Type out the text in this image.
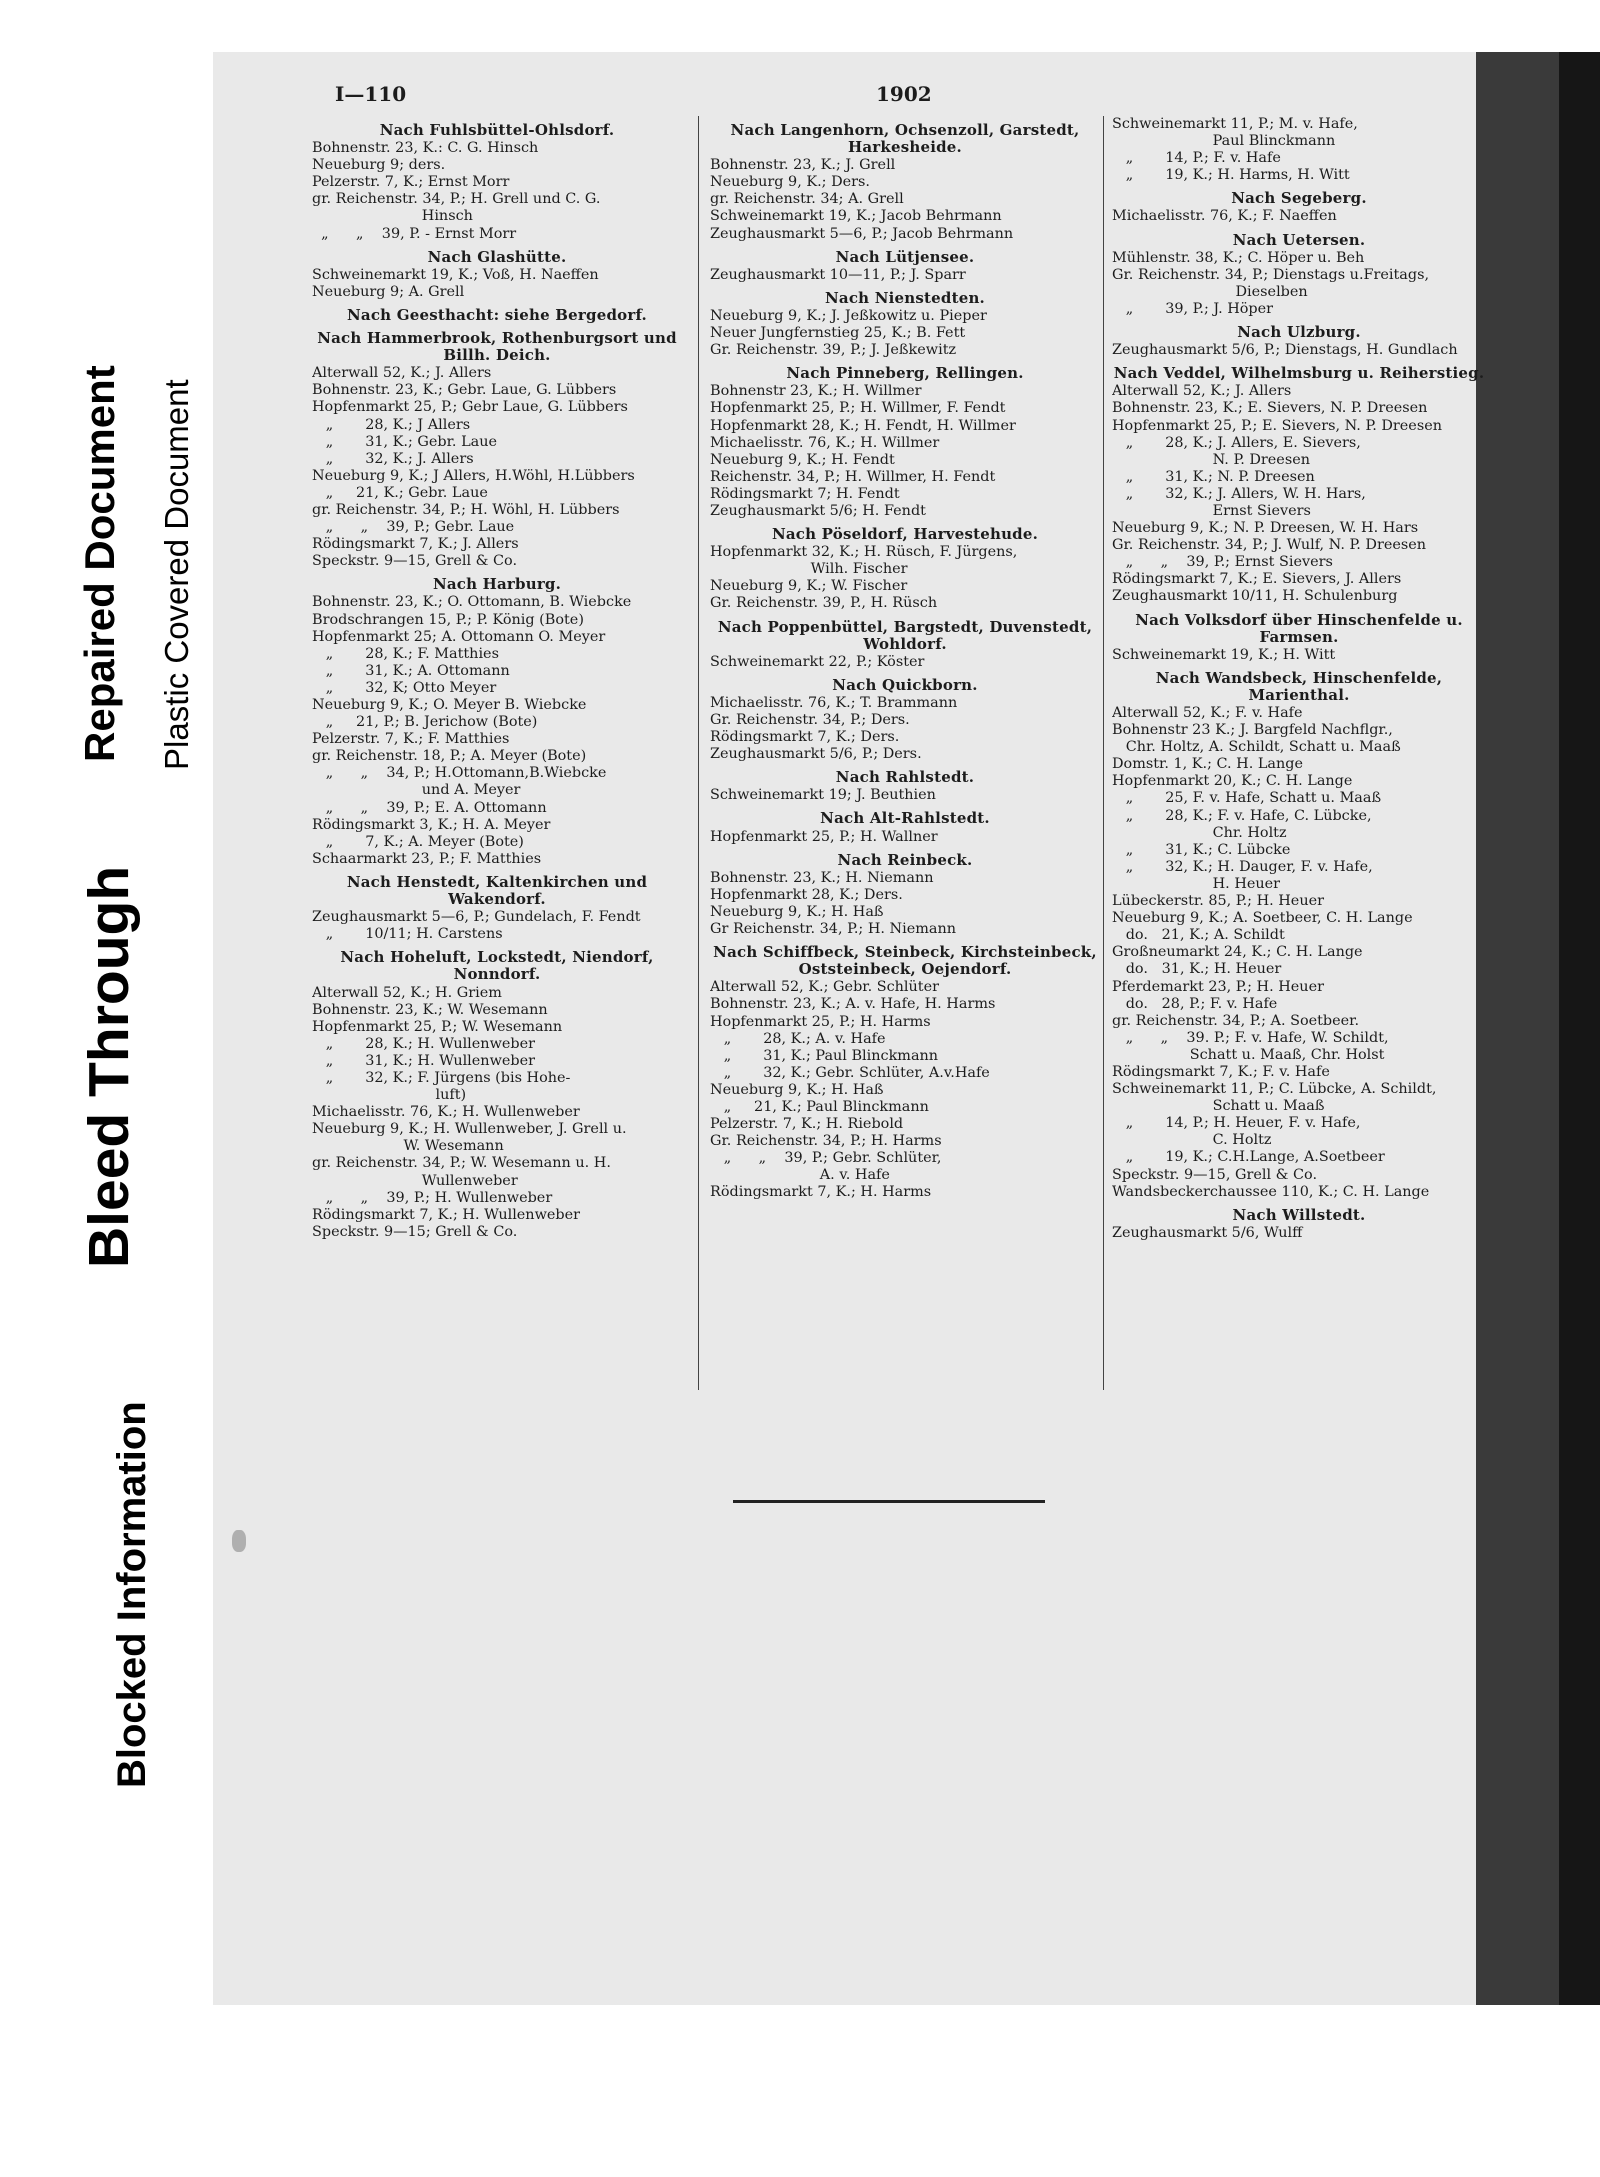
Blocked Information
Bleed Through
Repaired Document Plastic Covered Document
I—110	1902
Nach Fuhlsbüttel-Ohlsdorf.
Bohnenstr. 23, K.: C. G. Hinsch
Neueburg 9; ders.
Pelzerstr. 7, K.; Ernst Morr
gr. Reichenstr. 34, P.; H. Grell und C. G.
Hinsch
„      „    39, P. - Ernst Morr
Nach Glashütte.
Schweinemarkt 19, K.; Voß, H. Naeffen
Neueburg 9; A. Grell
Nach Geesthacht: siehe Bergedorf.
Nach Hammerbrook, Rothenburgsort und Billh. Deich.
Alterwall 52, K.; J. Allers
Bohnenstr. 23, K.; Gebr. Laue, G. Lübbers
Hopfenmarkt 25, P.; Gebr Laue, G. Lübbers
„       28, K.; J Allers
„       31, K.; Gebr. Laue
„       32, K.; J. Allers
Neueburg 9, K.; J Allers, H.Wöhl, H.Lübbers
„     21, K.; Gebr. Laue
gr. Reichenstr. 34, P.; H. Wöhl, H. Lübbers
„      „    39, P.; Gebr. Laue
Rödingsmarkt 7, K.; J. Allers
Speckstr. 9—15, Grell & Co.
Nach Harburg.
Bohnenstr. 23, K.; O. Ottomann, B. Wiebcke
Brodschrangen 15, P.; P. König (Bote)
Hopfenmarkt 25; A. Ottomann O. Meyer
„       28, K.; F. Matthies
„       31, K.; A. Ottomann
„       32, K; Otto Meyer
Neueburg 9, K.; O. Meyer B. Wiebcke
„     21, P.; B. Jerichow (Bote)
Pelzerstr. 7, K.; F. Matthies
gr. Reichenstr. 18, P.; A. Meyer (Bote)
„      „    34, P.; H.Ottomann,B.Wiebcke
und A. Meyer
„      „    39, P.; E. A. Ottomann
Rödingsmarkt 3, K.; H. A. Meyer
„       7, K.; A. Meyer (Bote)
Schaarmarkt 23, P.; F. Matthies
Nach Henstedt, Kaltenkirchen und Wakendorf.
Zeughausmarkt 5—6, P.; Gundelach, F. Fendt
„       10/11; H. Carstens
Nach Hoheluft, Lockstedt, Niendorf, Nonndorf.
Alterwall 52, K.; H. Griem
Bohnenstr. 23, K.; W. Wesemann
Hopfenmarkt 25, P.; W. Wesemann
„       28, K.; H. Wullenweber
„       31, K.; H. Wullenweber
„       32, K.; F. Jürgens (bis Hohe-
luft)
Michaelisstr. 76, K.; H. Wullenweber
Neueburg 9, K.; H. Wullenweber, J. Grell u.
W. Wesemann
gr. Reichenstr. 34, P.; W. Wesemann u. H.
Wullenweber
„      „    39, P.; H. Wullenweber
Rödingsmarkt 7, K.; H. Wullenweber
Speckstr. 9—15; Grell & Co.
Nach Langenhorn, Ochsenzoll, Garstedt, Harkesheide.
Bohnenstr. 23, K.; J. Grell
Neueburg 9, K.; Ders.
gr. Reichenstr. 34; A. Grell
Schweinemarkt 19, K.; Jacob Behrmann
Zeughausmarkt 5—6, P.; Jacob Behrmann
Nach Lütjensee.
Zeughausmarkt 10—11, P.; J. Sparr
Nach Nienstedten.
Neueburg 9, K.; J. Jeßkowitz u. Pieper
Neuer Jungfernstieg 25, K.; B. Fett
Gr. Reichenstr. 39, P.; J. Jeßkewitz
Nach Pinneberg, Rellingen.
Bohnenstr 23, K.; H. Willmer
Hopfenmarkt 25, P.; H. Willmer, F. Fendt
Hopfenmarkt 28, K.; H. Fendt, H. Willmer
Michaelisstr. 76, K.; H. Willmer
Neueburg 9, K.; H. Fendt
Reichenstr. 34, P.; H. Willmer, H. Fendt
Rödingsmarkt 7; H. Fendt
Zeughausmarkt 5/6; H. Fendt
Nach Pöseldorf, Harvestehude.
Hopfenmarkt 32, K.; H. Rüsch, F. Jürgens,
Wilh. Fischer
Neueburg 9, K.; W. Fischer
Gr. Reichenstr. 39, P., H. Rüsch
Nach Poppenbüttel, Bargstedt, Duvenstedt, Wohldorf.
Schweinemarkt 22, P.; Köster
Nach Quickborn.
Michaelisstr. 76, K.; T. Brammann
Gr. Reichenstr. 34, P.; Ders.
Rödingsmarkt 7, K.; Ders.
Zeughausmarkt 5/6, P.; Ders.
Nach Rahlstedt.
Schweinemarkt 19; J. Beuthien
Nach Alt-Rahlstedt.
Hopfenmarkt 25, P.; H. Wallner
Nach Reinbeck.
Bohnenstr. 23, K.; H. Niemann
Hopfenmarkt 28, K.; Ders.
Neueburg 9, K.; H. Haß
Gr Reichenstr. 34, P.; H. Niemann
Nach Schiffbeck, Steinbeck, Kirchsteinbeck, Oststeinbeck, Oejendorf.
Alterwall 52, K.; Gebr. Schlüter
Bohnenstr. 23, K.; A. v. Hafe, H. Harms
Hopfenmarkt 25, P.; H. Harms
„       28, K.; A. v. Hafe
„       31, K.; Paul Blinckmann
„       32, K.; Gebr. Schlüter, A.v.Hafe
Neueburg 9, K.; H. Haß
„     21, K.; Paul Blinckmann
Pelzerstr. 7, K.; H. Riebold
Gr. Reichenstr. 34, P.; H. Harms
„      „    39, P.; Gebr. Schlüter,
A. v. Hafe
Rödingsmarkt 7, K.; H. Harms
Schweinemarkt 11, P.; M. v. Hafe,
Paul Blinckmann
„       14, P.; F. v. Hafe
„       19, K.; H. Harms, H. Witt
Nach Segeberg.
Michaelisstr. 76, K.; F. Naeffen
Nach Uetersen.
Mühlenstr. 38, K.; C. Höper u. Beh
Gr. Reichenstr. 34, P.; Dienstags u.Freitags,
Dieselben
„       39, P.; J. Höper
Nach Ulzburg.
Zeughausmarkt 5/6, P.; Dienstags, H. Gundlach
Nach Veddel, Wilhelmsburg u. Reiherstieg.
Alterwall 52, K.; J. Allers
Bohnenstr. 23, K.; E. Sievers, N. P. Dreesen
Hopfenmarkt 25, P.; E. Sievers, N. P. Dreesen
„       28, K.; J. Allers, E. Sievers,
N. P. Dreesen
„       31, K.; N. P. Dreesen
„       32, K.; J. Allers, W. H. Hars,
Ernst Sievers
Neueburg 9, K.; N. P. Dreesen, W. H. Hars
Gr. Reichenstr. 34, P.; J. Wulf, N. P. Dreesen
„      „    39, P.; Ernst Sievers
Rödingsmarkt 7, K.; E. Sievers, J. Allers
Zeughausmarkt 10/11, H. Schulenburg
Nach Volksdorf über Hinschenfelde u. Farmsen.
Schweinemarkt 19, K.; H. Witt
Nach Wandsbeck, Hinschenfelde, Marienthal.
Alterwall 52, K.; F. v. Hafe
Bohnenstr 23 K.; J. Bargfeld Nachflgr.,
Chr. Holtz, A. Schildt, Schatt u. Maaß
Domstr. 1, K.; C. H. Lange
Hopfenmarkt 20, K.; C. H. Lange
„       25, F. v. Hafe, Schatt u. Maaß
„       28, K.; F. v. Hafe, C. Lübcke,
Chr. Holtz
„       31, K.; C. Lübcke
„       32, K.; H. Dauger, F. v. Hafe,
H. Heuer
Lübeckerstr. 85, P.; H. Heuer
Neueburg 9, K.; A. Soetbeer, C. H. Lange
do.   21, K.; A. Schildt
Großneumarkt 24, K.; C. H. Lange
do.   31, K.; H. Heuer
Pferdemarkt 23, P.; H. Heuer
do.   28, P.; F. v. Hafe
gr. Reichenstr. 34, P.; A. Soetbeer.
„      „    39. P.; F. v. Hafe, W. Schildt,
Schatt u. Maaß, Chr. Holst
Rödingsmarkt 7, K.; F. v. Hafe
Schweinemarkt 11, P.; C. Lübcke, A. Schildt,
Schatt u. Maaß
„       14, P.; H. Heuer, F. v. Hafe,
C. Holtz
„       19, K.; C.H.Lange, A.Soetbeer
Speckstr. 9—15, Grell & Co.
Wandsbeckerchaussee 110, K.; C. H. Lange
Nach Willstedt.
Zeughausmarkt 5/6, Wulff
